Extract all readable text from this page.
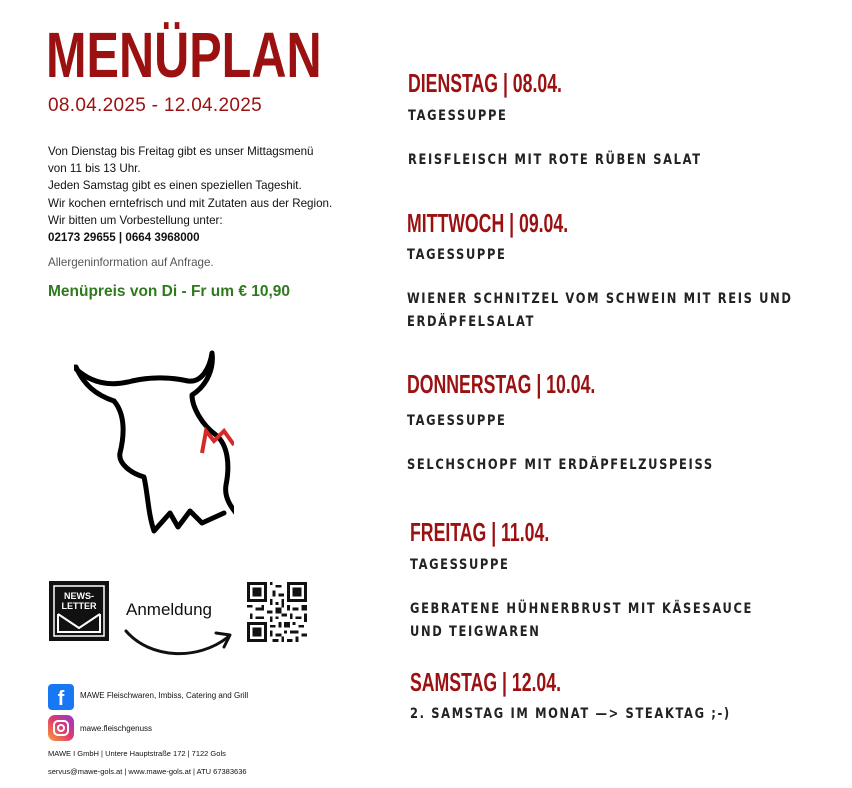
MENÜPLAN
08.04.2025 - 12.04.2025
Von Dienstag bis Freitag gibt es unser Mittagsmenü
von 11 bis 13 Uhr.
Jeden Samstag gibt es einen speziellen Tageshit.
Wir kochen erntefrisch und mit Zutaten aus der Region.
Wir bitten um Vorbestellung unter:
02173 29655 | 0664 3968000
Allergeninformation auf Anfrage.
Menüpreis von Di - Fr um € 10,90
NEWS-
LETTER Anmeldung
f	MAWE Fleischwaren, Imbiss, Catering and Grill
mawe.fleischgenuss
MAWE I GmbH | Untere Hauptstraße 172 | 7122 Gols
servus@mawe-gols.at | www.mawe-gols.at | ATU 67383636
DIENSTAG | 08.04.
TAGESSUPPE
REISFLEISCH MIT ROTE RÜBEN SALAT
MITTWOCH | 09.04.
TAGESSUPPE
WIENER SCHNITZEL VOM SCHWEIN MIT REIS UND
ERDÄPFELSALAT
DONNERSTAG | 10.04.
TAGESSUPPE
SELCHSCHOPF MIT ERDÄPFELZUSPEISS
FREITAG | 11.04.
TAGESSUPPE
GEBRATENE HÜHNERBRUST MIT KÄSESAUCE
UND TEIGWAREN
SAMSTAG | 12.04.
2. SAMSTAG IM MONAT —> STEAKTAG ;-)
